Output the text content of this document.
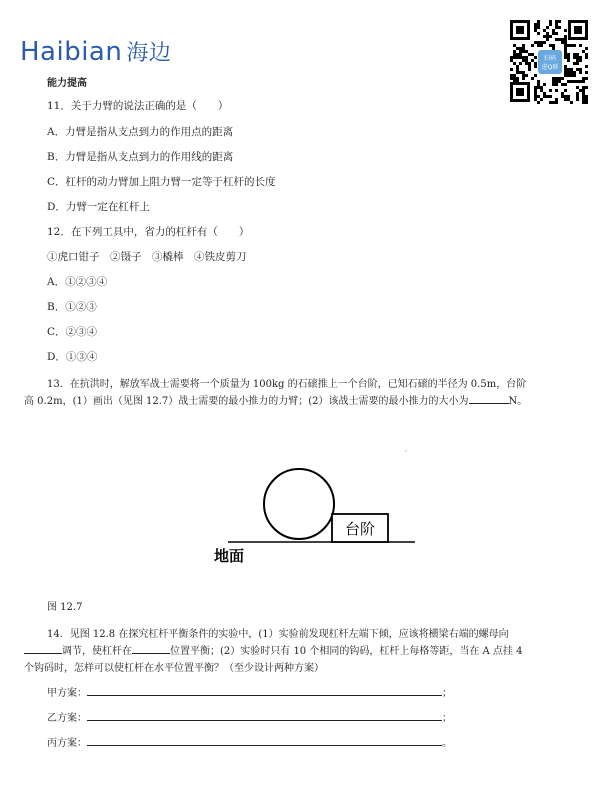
Haibian 海边	扫码
进Q群
能力提高
11．关于力臂的说法正确的是（　　）
A．力臂是指从支点到力的作用点的距离
B．力臂是指从支点到力的作用线的距离
C．杠杆的动力臂加上阻力臂一定等于杠杆的长度
D．力臂一定在杠杆上
12．在下列工具中，省力的杠杆有（　　）
①虎口钳子　②镊子　③橇棒　④铁皮剪刀
A．①②③④
B．①②③
C．②③④
D．①③④
13．在抗洪时，解放军战士需要将一个质量为 100kg 的石磙推上一个台阶，已知石磙的半径为 0.5m，台阶
高 0.2m，(1）画出（见图 12.7）战士需要的最小推力的力臂；(2）该战士需要的最小推力的大小为	N。
台阶
地面
图 12.7
14．见图 12.8 在探究杠杆平衡条件的实验中，(1）实验前发现杠杆左端下倾，应该将横梁右端的螺母向
调节，使杠杆在	位置平衡；(2）实验时只有 10 个相同的钩码，杠杆上每格等距，当在 A 点挂 4
个钩码时，怎样可以使杠杆在水平位置平衡？（至少设计两种方案）
甲方案：	；
乙方案：	；
丙方案：	。
